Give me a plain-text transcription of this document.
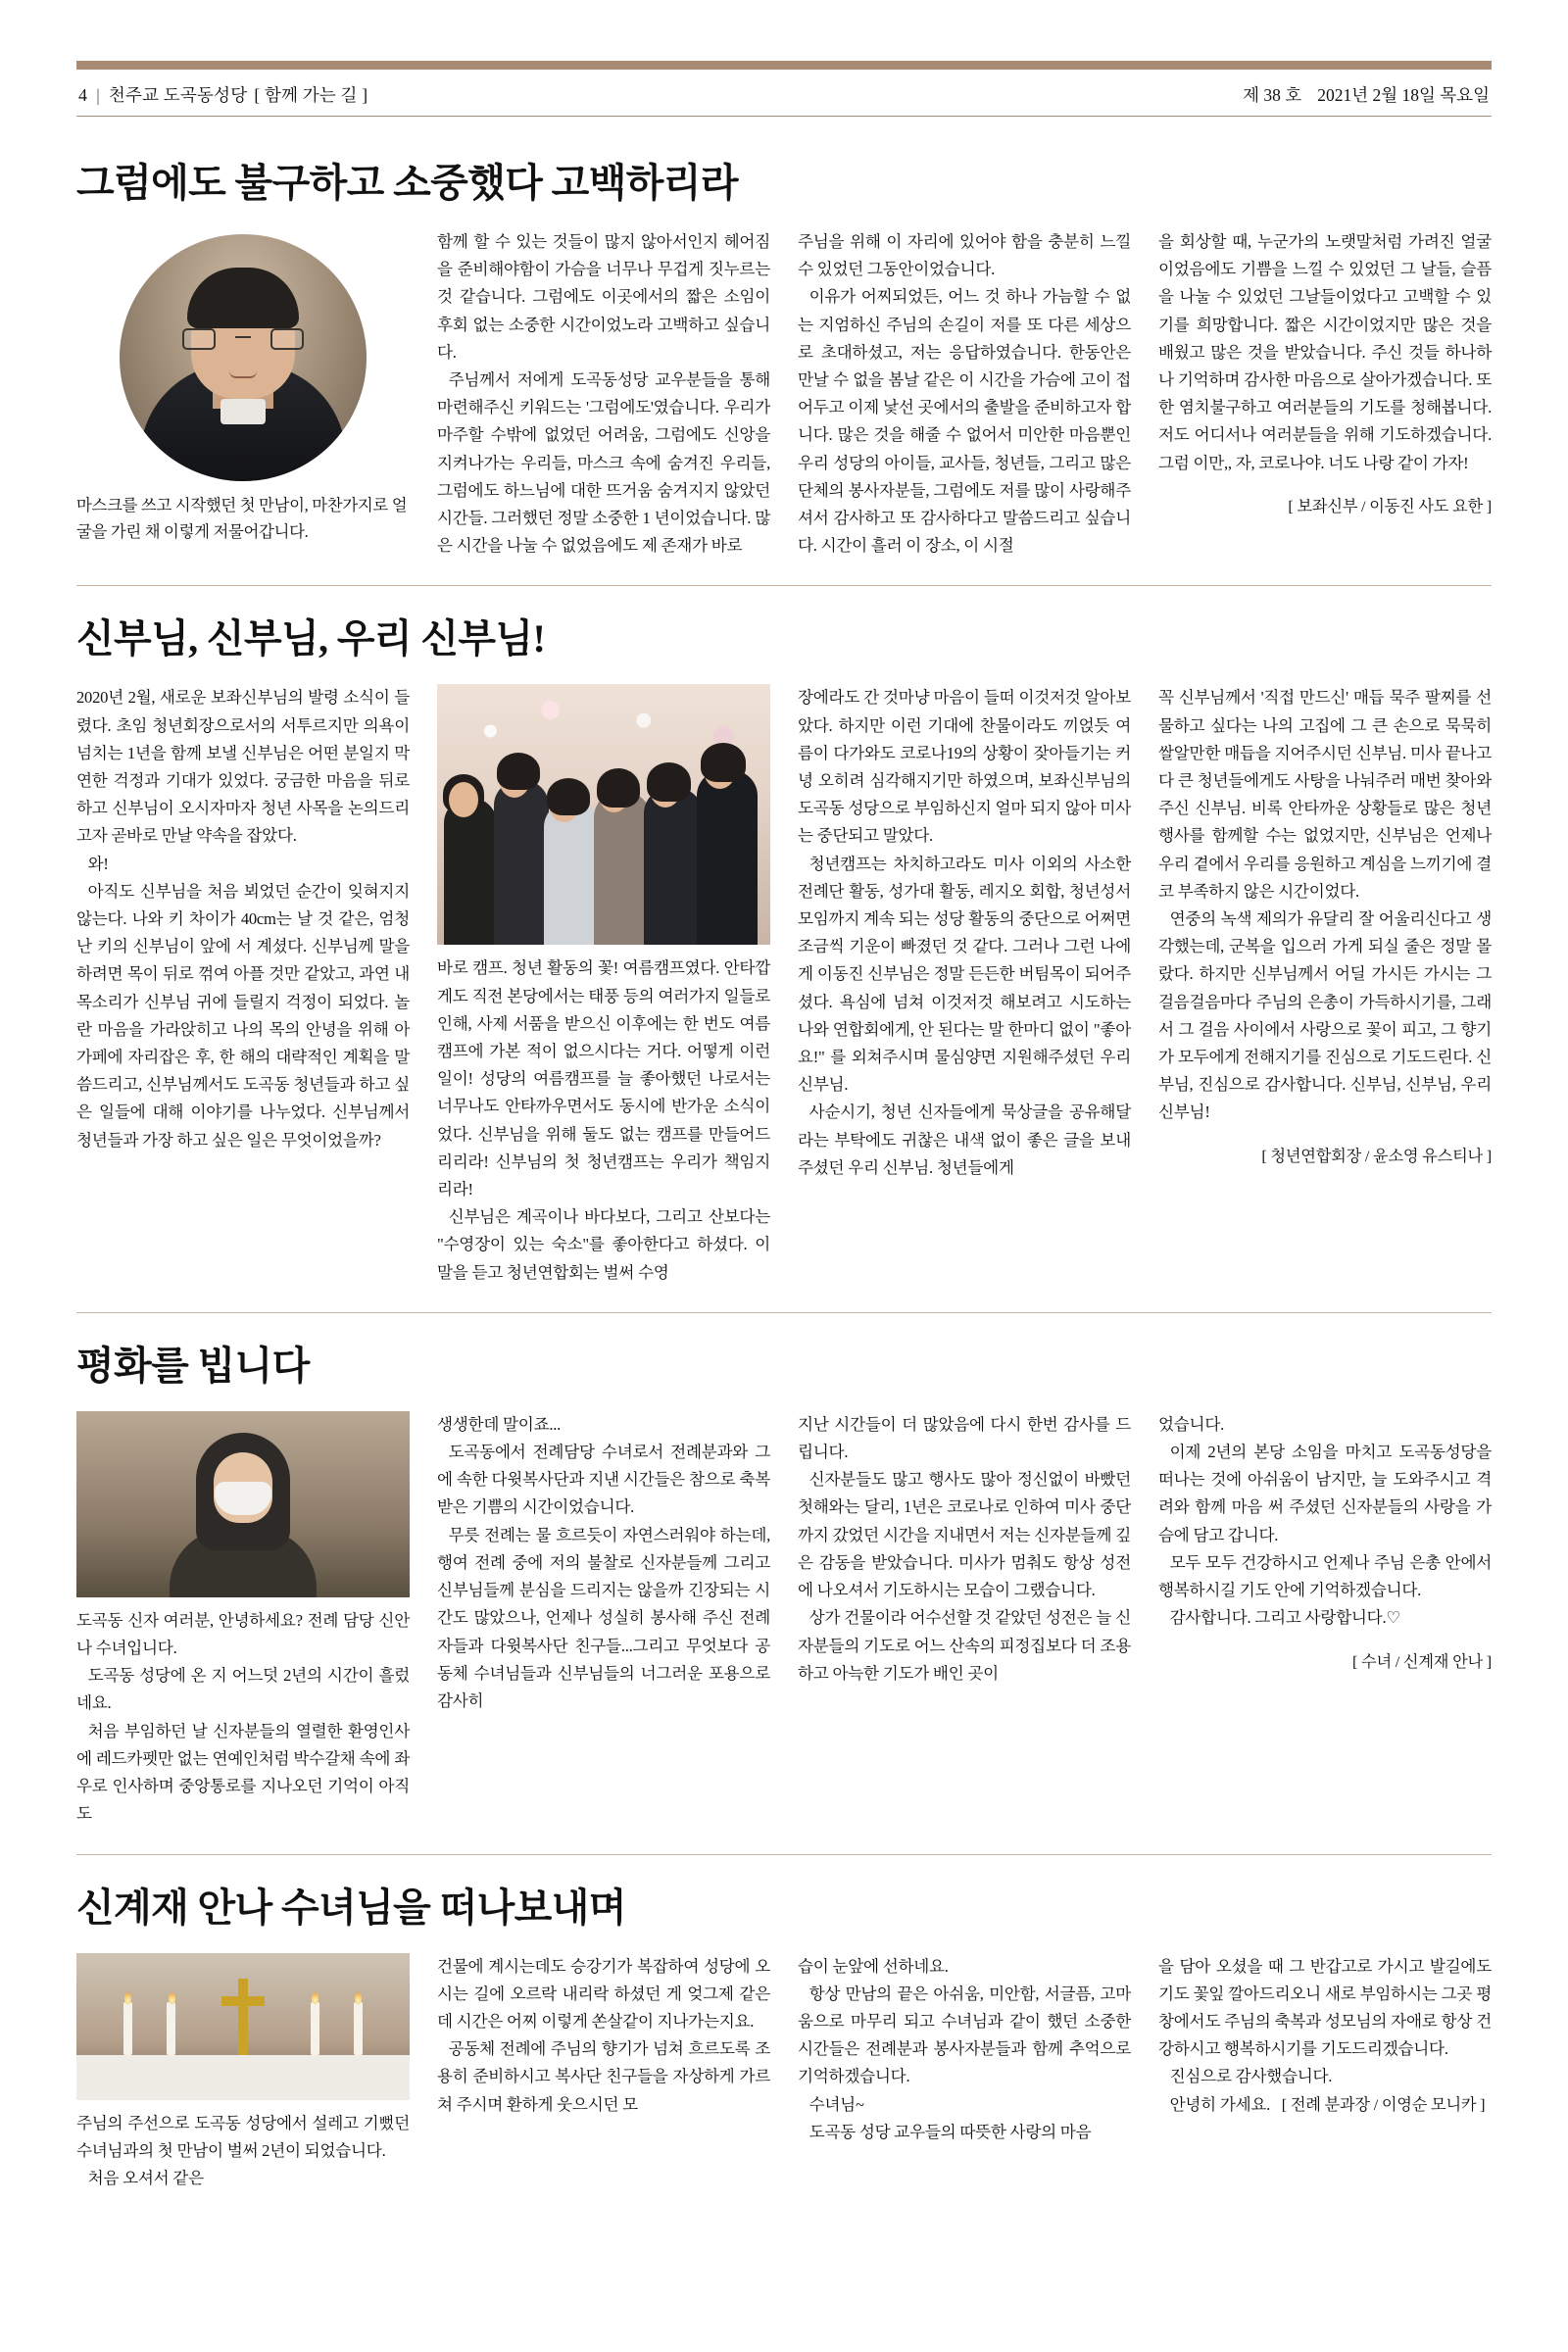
4 | 천주교 도곡동성당 [ 함께 가는 길 ]	제 38 호 2021년 2월 18일 목요일
그럼에도 불구하고 소중했다 고백하리라
마스크를 쓰고 시작했던 첫 만남이, 마찬가지로 얼굴을 가린 채 이렇게 저물어갑니다.

함께 할 수 있는 것들이 많지 않아서인지 헤어짐을 준비해야함이 가슴을 너무나 무겁게 짓누르는 것 같습니다. 그럼에도 이곳에서의 짧은 소임이 후회 없는 소중한 시간이었노라 고백하고 싶습니다.

주님께서 저에게 도곡동성당 교우분들을 통해 마련해주신 키워드는 '그럼에도'였습니다. 우리가 마주할 수밖에 없었던 어려움, 그럼에도 신앙을 지켜나가는 우리들, 마스크 속에 숨겨진 우리들, 그럼에도 하느님에 대한 뜨거움 숨겨지지 않았던 시간들. 그러했던 정말 소중한 1 년이었습니다. 많은 시간을 나눌 수 없었음에도 제 존재가 바로

주님을 위해 이 자리에 있어야 함을 충분히 느낄 수 있었던 그동안이었습니다.

이유가 어찌되었든, 어느 것 하나 가늠할 수 없는 지엄하신 주님의 손길이 저를 또 다른 세상으로 초대하셨고, 저는 응답하였습니다. 한동안은 만날 수 없을 봄날 같은 이 시간을 가슴에 고이 접어두고 이제 낯선 곳에서의 출발을 준비하고자 합니다. 많은 것을 해줄 수 없어서 미안한 마음뿐인 우리 성당의 아이들, 교사들, 청년들, 그리고 많은 단체의 봉사자분들, 그럼에도 저를 많이 사랑해주셔서 감사하고 또 감사하다고 말씀드리고 싶습니다. 시간이 흘러 이 장소, 이 시절

을 회상할 때, 누군가의 노랫말처럼 가려진 얼굴이었음에도 기쁨을 느낄 수 있었던 그 날들, 슬픔을 나눌 수 있었던 그날들이었다고 고백할 수 있기를 희망합니다. 짧은 시간이었지만 많은 것을 배웠고 많은 것을 받았습니다. 주신 것들 하나하나 기억하며 감사한 마음으로 살아가겠습니다. 또한 염치불구하고 여러분들의 기도를 청해봅니다. 저도 어디서나 여러분들을 위해 기도하겠습니다. 그럼 이만,, 자, 코로나야. 너도 나랑 같이 가자!

[ 보좌신부 / 이동진 사도 요한 ]
신부님, 신부님, 우리 신부님!

2020년 2월, 새로운 보좌신부님의 발령 소식이 들렸다. 초임 청년회장으로서의 서투르지만 의욕이 넘치는 1년을 함께 보낼 신부님은 어떤 분일지 막연한 걱정과 기대가 있었다. 궁금한 마음을 뒤로 하고 신부님이 오시자마자 청년 사목을 논의드리고자 곧바로 만날 약속을 잡았다.

와!

아직도 신부님을 처음 뵈었던 순간이 잊혀지지 않는다. 나와 키 차이가 40cm는 날 것 같은, 엄청난 키의 신부님이 앞에 서 계셨다. 신부님께 말을 하려면 목이 뒤로 꺾여 아플 것만 같았고, 과연 내 목소리가 신부님 귀에 들릴지 걱정이 되었다. 놀란 마음을 가라앉히고 나의 목의 안녕을 위해 아가페에 자리잡은 후, 한 해의 대략적인 계획을 말씀드리고, 신부님께서도 도곡동 청년들과 하고 싶은 일들에 대해 이야기를 나누었다. 신부님께서 청년들과 가장 하고 싶은 일은 무엇이었을까?

바로 캠프. 청년 활동의 꽃! 여름캠프였다. 안타깝게도 직전 본당에서는 태풍 등의 여러가지 일들로 인해, 사제 서품을 받으신 이후에는 한 번도 여름캠프에 가본 적이 없으시다는 거다. 어떻게 이런 일이! 성당의 여름캠프를 늘 좋아했던 나로서는 너무나도 안타까우면서도 동시에 반가운 소식이었다. 신부님을 위해 둘도 없는 캠프를 만들어드리리라! 신부님의 첫 청년캠프는 우리가 책임지리라!

신부님은 계곡이나 바다보다, 그리고 산보다는 "수영장이 있는 숙소"를 좋아한다고 하셨다. 이 말을 듣고 청년연합회는 벌써 수영

장에라도 간 것마냥 마음이 들떠 이것저것 알아보았다. 하지만 이런 기대에 찬물이라도 끼얹듯 여름이 다가와도 코로나19의 상황이 잦아들기는 커녕 오히려 심각해지기만 하였으며, 보좌신부님의 도곡동 성당으로 부임하신지 얼마 되지 않아 미사는 중단되고 말았다.

청년캠프는 차치하고라도 미사 이외의 사소한 전례단 활동, 성가대 활동, 레지오 회합, 청년성서모임까지 계속 되는 성당 활동의 중단으로 어쩌면 조금씩 기운이 빠졌던 것 같다. 그러나 그런 나에게 이동진 신부님은 정말 든든한 버팀목이 되어주셨다. 욕심에 넘쳐 이것저것 해보려고 시도하는 나와 연합회에게, 안 된다는 말 한마디 없이 "좋아요!" 를 외쳐주시며 물심양면 지원해주셨던 우리 신부님.

사순시기, 청년 신자들에게 묵상글을 공유해달라는 부탁에도 귀찮은 내색 없이 좋은 글을 보내주셨던 우리 신부님. 청년들에게

꼭 신부님께서 '직접 만드신' 매듭 묵주 팔찌를 선물하고 싶다는 나의 고집에 그 큰 손으로 묵묵히 쌀알만한 매듭을 지어주시던 신부님. 미사 끝나고 다 큰 청년들에게도 사탕을 나눠주러 매번 찾아와주신 신부님. 비록 안타까운 상황들로 많은 청년행사를 함께할 수는 없었지만, 신부님은 언제나 우리 곁에서 우리를 응원하고 계심을 느끼기에 결코 부족하지 않은 시간이었다.

연중의 녹색 제의가 유달리 잘 어울리신다고 생각했는데, 군복을 입으러 가게 되실 줄은 정말 몰랐다. 하지만 신부님께서 어딜 가시든 가시는 그 걸음걸음마다 주님의 은총이 가득하시기를, 그래서 그 걸음 사이에서 사랑으로 꽃이 피고, 그 향기가 모두에게 전해지기를 진심으로 기도드린다. 신부님, 진심으로 감사합니다. 신부님, 신부님, 우리 신부님!

[ 청년연합회장 / 윤소영 유스티나 ]
평화를 빕니다

도곡동 신자 여러분, 안녕하세요? 전례 담당 신안나 수녀입니다.

도곡동 성당에 온 지 어느덧 2년의 시간이 흘렀네요.

처음 부임하던 날 신자분들의 열렬한 환영인사에 레드카펫만 없는 연예인처럼 박수갈채 속에 좌우로 인사하며 중앙통로를 지나오던 기억이 아직도

생생한데 말이죠...

도곡동에서 전례담당 수녀로서 전례분과와 그에 속한 다윗복사단과 지낸 시간들은 참으로 축복받은 기쁨의 시간이었습니다.

무릇 전례는 물 흐르듯이 자연스러워야 하는데, 행여 전례 중에 저의 불찰로 신자분들께 그리고 신부님들께 분심을 드리지는 않을까 긴장되는 시간도 많았으나, 언제나 성실히 봉사해 주신 전례자들과 다윗복사단 친구들...그리고 무엇보다 공동체 수녀님들과 신부님들의 너그러운 포용으로 감사히

지난 시간들이 더 많았음에 다시 한번 감사를 드립니다.

신자분들도 많고 행사도 많아 정신없이 바빴던 첫해와는 달리, 1년은 코로나로 인하여 미사 중단까지 갔었던 시간을 지내면서 저는 신자분들께 깊은 감동을 받았습니다. 미사가 멈춰도 항상 성전에 나오셔서 기도하시는 모습이 그랬습니다.

상가 건물이라 어수선할 것 같았던 성전은 늘 신자분들의 기도로 어느 산속의 피정집보다 더 조용하고 아늑한 기도가 배인 곳이

었습니다.

이제 2년의 본당 소임을 마치고 도곡동성당을 떠나는 것에 아쉬움이 남지만, 늘 도와주시고 격려와 함께 마음 써 주셨던 신자분들의 사랑을 가슴에 담고 갑니다.

모두 모두 건강하시고 언제나 주님 은총 안에서 행복하시길 기도 안에 기억하겠습니다.

감사합니다. 그리고 사랑합니다.♡

[ 수녀 / 신계재 안나 ]
신계재 안나 수녀님을 떠나보내며

주님의 주선으로 도곡동 성당에서 설레고 기뻤던 수녀님과의 첫 만남이 벌써 2년이 되었습니다.

처음 오셔서 같은

건물에 계시는데도 승강기가 복잡하여 성당에 오시는 길에 오르락 내리락 하셨던 게 엊그제 같은데 시간은 어찌 이렇게 쏜살같이 지나가는지요.

공동체 전례에 주님의 향기가 넘쳐 흐르도록 조용히 준비하시고 복사단 친구들을 자상하게 가르쳐 주시며 환하게 웃으시던 모

습이 눈앞에 선하네요.

항상 만남의 끝은 아쉬움, 미안함, 서글픔, 고마움으로 마무리 되고 수녀님과 같이 했던 소중한 시간들은 전례분과 봉사자분들과 함께 추억으로 기억하겠습니다.

수녀님~

도곡동 성당 교우들의 따뜻한 사랑의 마음

을 담아 오셨을 때 그 반갑고로 가시고 발길에도 기도 꽃잎 깔아드리오니 새로 부임하시는 그곳 평창에서도 주님의 축복과 성모님의 자애로 항상 건강하시고 행복하시기를 기도드리겠습니다.

진심으로 감사했습니다.

안녕히 가세요. [ 전례 분과장 / 이영순 모니카 ]
